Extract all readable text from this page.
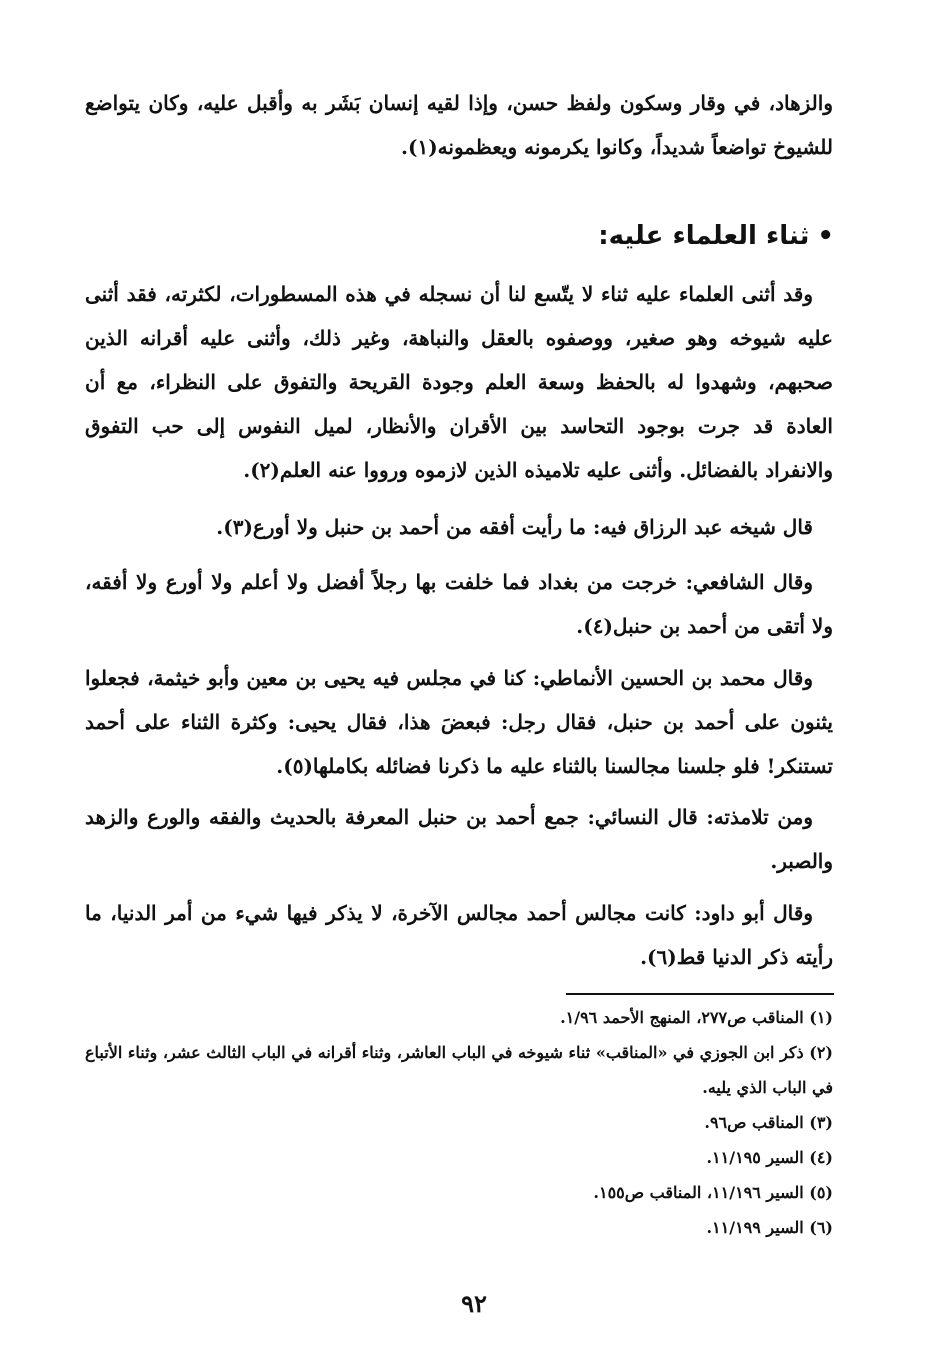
والزهاد، في وقار وسكون ولفظ حسن، وإذا لقيه إنسان بَشَر به وأقبل عليه، وكان يتواضع للشيوخ تواضعاً شديداً، وكانوا يكرمونه ويعظمونه(١).

•ثناء العلماء عليه:

وقد أثنى العلماء عليه ثناء لا يتّسع لنا أن نسجله في هذه المسطورات، لكثرته، فقد أثنى عليه شيوخه وهو صغير، ووصفوه بالعقل والنباهة، وغير ذلك، وأثنى عليه أقرانه الذين صحبهم، وشهدوا له بالحفظ وسعة العلم وجودة القريحة والتفوق على النظراء، مع أن العادة قد جرت بوجود التحاسد بين الأقران والأنظار، لميل النفوس إلى حب التفوق والانفراد بالفضائل. وأثنى عليه تلاميذه الذين لازموه ورووا عنه العلم(٢).

قال شيخه عبد الرزاق فيه: ما رأيت أفقه من أحمد بن حنبل ولا أورع(٣).

وقال الشافعي: خرجت من بغداد فما خلفت بها رجلاً أفضل ولا أعلم ولا أورع ولا أفقه، ولا أتقى من أحمد بن حنبل(٤).

وقال محمد بن الحسين الأنماطي: كنا في مجلس فيه يحيى بن معين وأبو خيثمة، فجعلوا يثنون على أحمد بن حنبل، فقال رجل: فبعضَ هذا، فقال يحيى: وكثرة الثناء على أحمد تستنكر! فلو جلسنا مجالسنا بالثناء عليه ما ذكرنا فضائله بكاملها(٥).

ومن تلامذته: قال النسائي: جمع أحمد بن حنبل المعرفة بالحديث والفقه والورع والزهد والصبر.

وقال أبو داود: كانت مجالس أحمد مجالس الآخرة، لا يذكر فيها شيء من أمر الدنيا، ما رأيته ذكر الدنيا قط(٦).

(١) المناقب ص٢٧٧، المنهج الأحمد ١/٩٦.
(٢) ذكر ابن الجوزي في «المناقب» ثناء شيوخه في الباب العاشر، وثناء أقرانه في الباب الثالث عشر، وثناء الأتباع في الباب الذي يليه.
(٣) المناقب ص٩٦.
(٤) السير ١١/١٩٥.
(٥) السير ١١/١٩٦، المناقب ص١٥٥.
(٦) السير ١١/١٩٩.
٩٢
